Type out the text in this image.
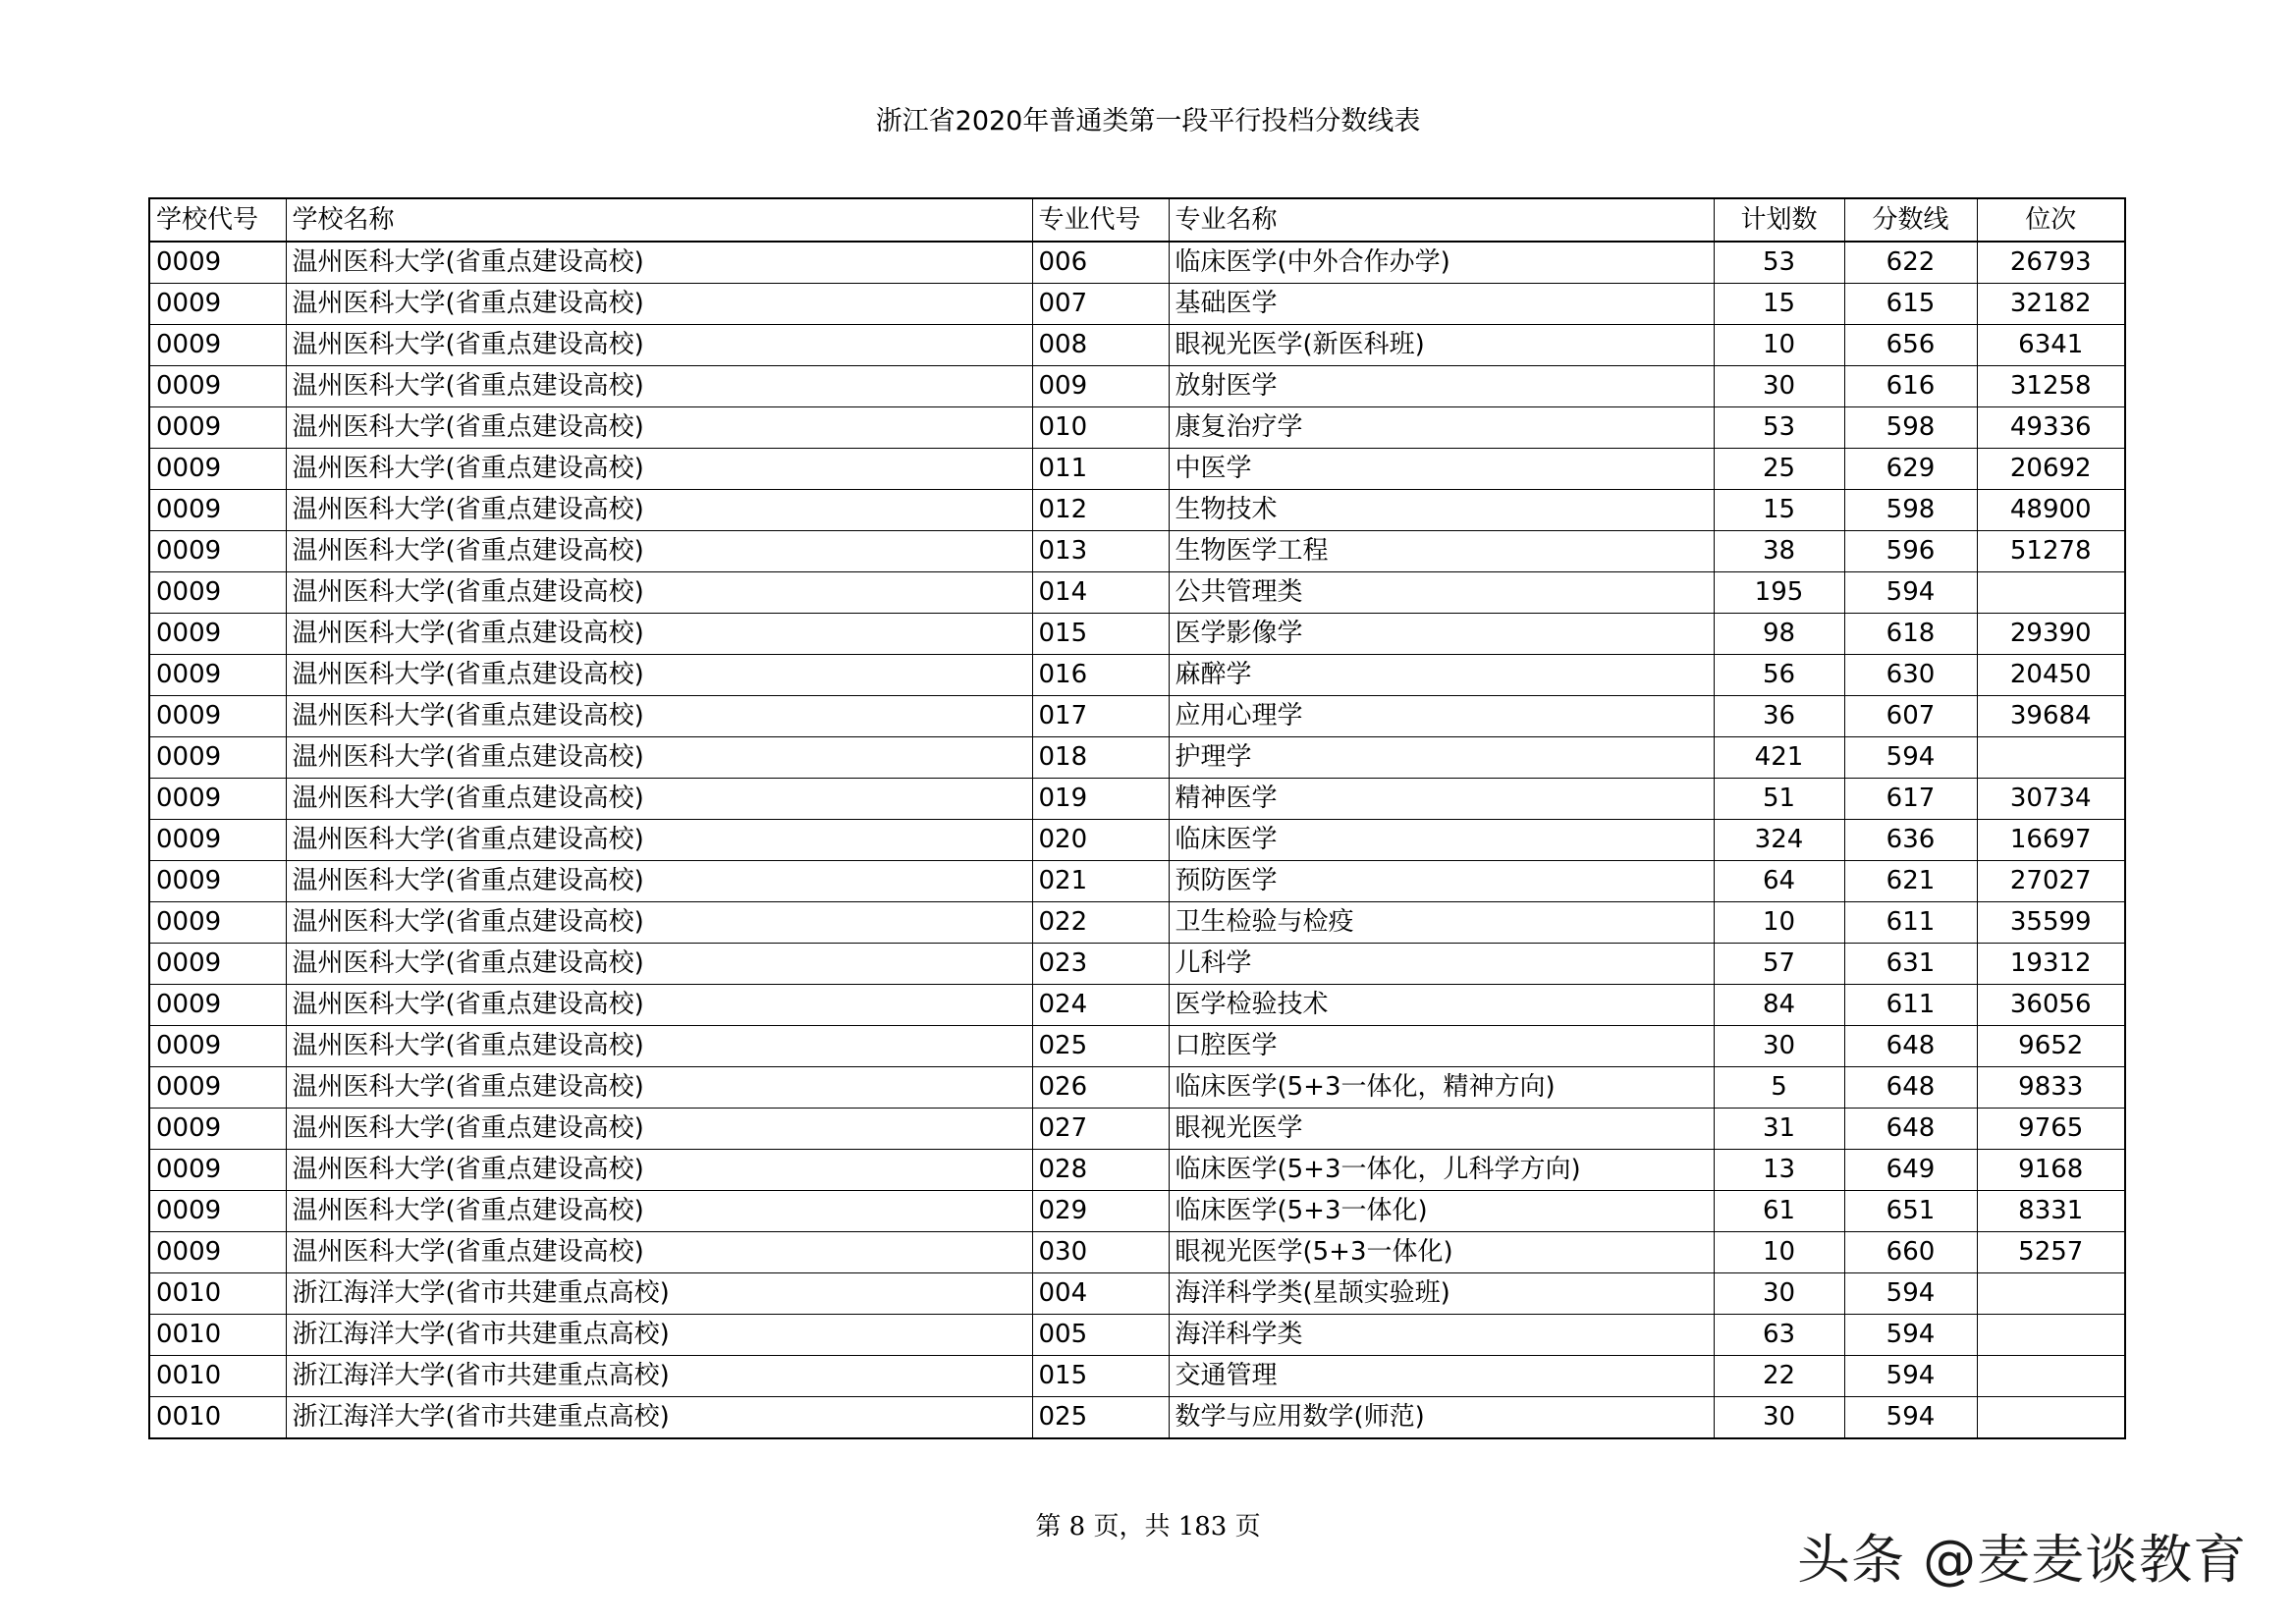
浙江省2020年普通类第一段平行投档分数线表
学校代号	学校名称	专业代号	专业名称	计划数	分数线	位次
0009	温州医科大学(省重点建设高校)	006	临床医学(中外合作办学)	53	622	26793
0009	温州医科大学(省重点建设高校)	007	基础医学	15	615	32182
0009	温州医科大学(省重点建设高校)	008	眼视光医学(新医科班)	10	656	6341
0009	温州医科大学(省重点建设高校)	009	放射医学	30	616	31258
0009	温州医科大学(省重点建设高校)	010	康复治疗学	53	598	49336
0009	温州医科大学(省重点建设高校)	011	中医学	25	629	20692
0009	温州医科大学(省重点建设高校)	012	生物技术	15	598	48900
0009	温州医科大学(省重点建设高校)	013	生物医学工程	38	596	51278
0009	温州医科大学(省重点建设高校)	014	公共管理类	195	594	
0009	温州医科大学(省重点建设高校)	015	医学影像学	98	618	29390
0009	温州医科大学(省重点建设高校)	016	麻醉学	56	630	20450
0009	温州医科大学(省重点建设高校)	017	应用心理学	36	607	39684
0009	温州医科大学(省重点建设高校)	018	护理学	421	594	
0009	温州医科大学(省重点建设高校)	019	精神医学	51	617	30734
0009	温州医科大学(省重点建设高校)	020	临床医学	324	636	16697
0009	温州医科大学(省重点建设高校)	021	预防医学	64	621	27027
0009	温州医科大学(省重点建设高校)	022	卫生检验与检疫	10	611	35599
0009	温州医科大学(省重点建设高校)	023	儿科学	57	631	19312
0009	温州医科大学(省重点建设高校)	024	医学检验技术	84	611	36056
0009	温州医科大学(省重点建设高校)	025	口腔医学	30	648	9652
0009	温州医科大学(省重点建设高校)	026	临床医学(5+3一体化，精神方向)	5	648	9833
0009	温州医科大学(省重点建设高校)	027	眼视光医学	31	648	9765
0009	温州医科大学(省重点建设高校)	028	临床医学(5+3一体化，儿科学方向)	13	649	9168
0009	温州医科大学(省重点建设高校)	029	临床医学(5+3一体化)	61	651	8331
0009	温州医科大学(省重点建设高校)	030	眼视光医学(5+3一体化)	10	660	5257
0010	浙江海洋大学(省市共建重点高校)	004	海洋科学类(星颉实验班)	30	594	
0010	浙江海洋大学(省市共建重点高校)	005	海洋科学类	63	594	
0010	浙江海洋大学(省市共建重点高校)	015	交通管理	22	594	
0010	浙江海洋大学(省市共建重点高校)	025	数学与应用数学(师范)	30	594	
第 8 页，共 183 页
头条 @麦麦谈教育
